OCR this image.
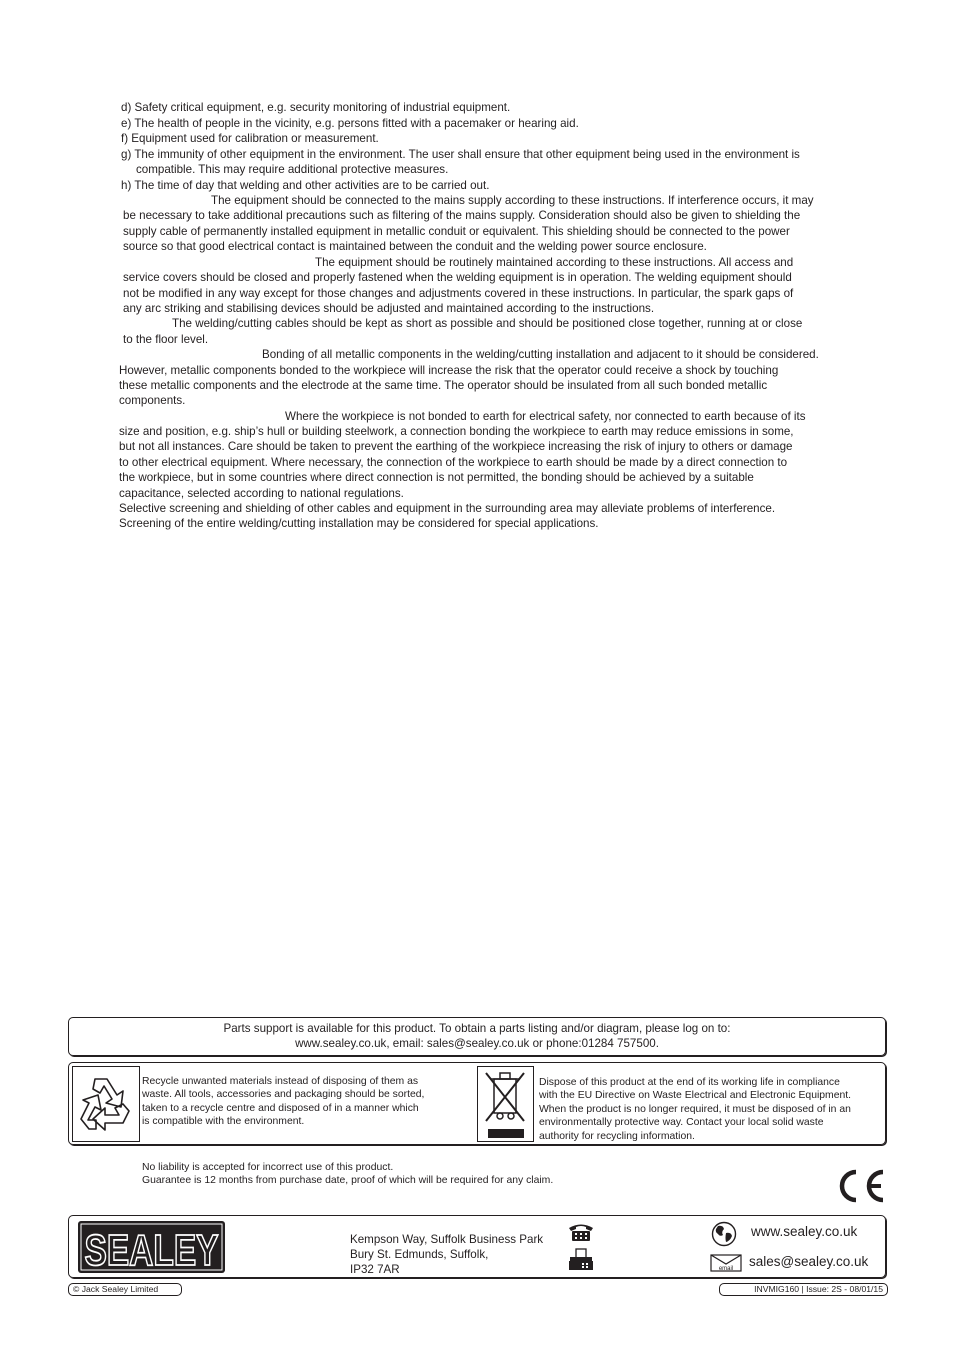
d) Safety critical equipment, e.g. security monitoring of industrial equipment.
e) The health of people in the vicinity, e.g. persons fitted with a pacemaker or hearing aid.
f) Equipment used for calibration or measurement.
g) The immunity of other equipment in the environment. The user shall ensure that other equipment being used in the environment is
compatible. This may require additional protective measures.
h) The time of day that welding and other activities are to be carried out.
The equipment should be connected to the mains supply according to these instructions. If interference occurs, it may
be necessary to take additional precautions such as filtering of the mains supply. Consideration should also be given to shielding the
supply cable of permanently installed equipment in metallic conduit or equivalent. This shielding should be connected to the power
source so that good electrical contact is maintained between the conduit and the welding power source enclosure.
The equipment should be routinely maintained according to these instructions. All access and
service covers should be closed and properly fastened when the welding equipment is in operation. The welding equipment should
not be modified in any way except for those changes and adjustments covered in these instructions. In particular, the spark gaps of
any arc striking and stabilising devices should be adjusted and maintained according to the instructions.
The welding/cutting cables should be kept as short as possible and should be positioned close together, running at or close
to the floor level.
Bonding of all metallic components in the welding/cutting installation and adjacent to it should be considered.
However, metallic components bonded to the workpiece will increase the risk that the operator could receive a shock by touching
these metallic components and the electrode at the same time. The operator should be insulated from all such bonded metallic
components.
Where the workpiece is not bonded to earth for electrical safety, nor connected to earth because of its
size and position, e.g. ship’s hull or building steelwork, a connection bonding the workpiece to earth may reduce emissions in some,
but not all instances. Care should be taken to prevent the earthing of the workpiece increasing the risk of injury to others or damage
to other electrical equipment. Where necessary, the connection of the workpiece to earth should be made by a direct connection to
the workpiece, but in some countries where direct connection is not permitted, the bonding should be achieved by a suitable
capacitance, selected according to national regulations.
Selective screening and shielding of other cables and equipment in the surrounding area may alleviate problems of interference.
Screening of the entire welding/cutting installation may be considered for special applications.
Parts support is available for this product. To obtain a parts listing and/or diagram, please log on to:
www.sealey.co.uk, email: sales@sealey.co.uk or phone:01284 757500.
Recycle unwanted materials instead of disposing of them as
waste. All tools, accessories and packaging should be sorted,
taken to a recycle centre and disposed of in a manner which
is compatible with the environment.
Dispose of this product at the end of its working life in compliance
with the EU Directive on Waste Electrical and Electronic Equipment.
When the product is no longer required, it must be disposed of in an
environmentally protective way. Contact your local solid waste
authority for recycling information.
No liability is accepted for incorrect use of this product.
Guarantee is 12 months from purchase date, proof of which will be required for any claim.
CE
SEALEY	Kempson Way, Suffolk Business Park
Bury St. Edmunds, Suffolk,
IP32 7AR
www.sealey.co.uk
email sales@sealey.co.uk
© Jack Sealey Limited	INVMIG160 | Issue: 2S - 08/01/15
